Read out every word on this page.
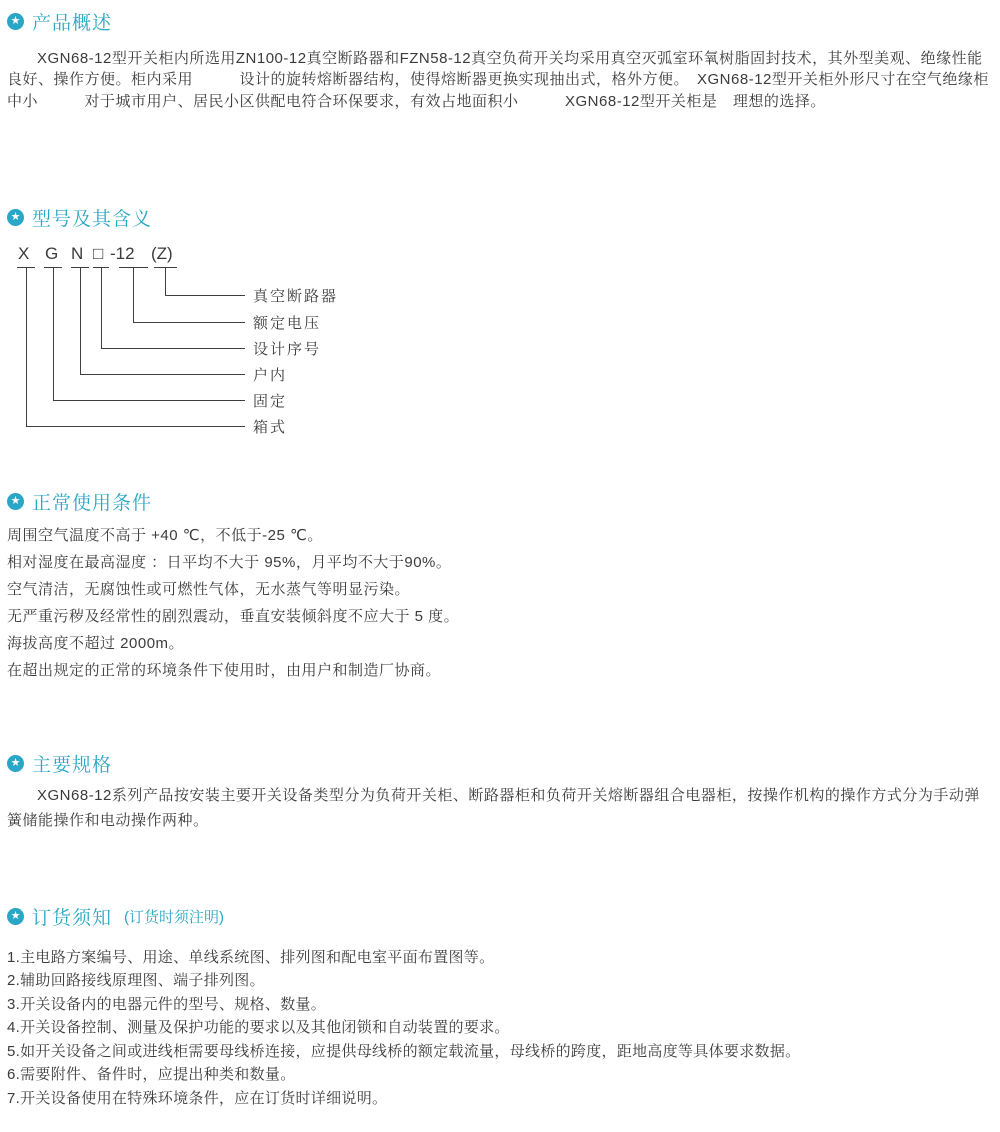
★ 产品概述
XGN68-12型开关柜内所选用ZN100-12真空断路器和FZN58-12真空负荷开关均采用真空灭弧室环氧树脂固封技术，其外型美观、绝缘性能良好、操作方便。柜内采用　　　设计的旋转熔断器结构，使得熔断器更换实现抽出式，格外方便。　XGN68-12型开关柜外形尺寸在空气绝缘柜中小　　　对于城市用户、居民小区供配电符合环保要求，有效占地面积小　　　XGN68-12型开关柜是　理想的选择。
★ 型号及其含义
X G N □ -12 (Z)
真空断路器
额定电压
设计序号
户内
固定
箱式
★ 正常使用条件
周围空气温度不高于 +40 ℃，不低于-25 ℃。
相对湿度在最高湿度 ：日平均不大于 95%，月平均不大于90%。
空气清洁，无腐蚀性或可燃性气体，无水蒸气等明显污染。
无严重污秽及经常性的剧烈震动，垂直安装倾斜度不应大于 5 度。
海拔高度不超过 2000m。
在超出规定的正常的环境条件下使用时，由用户和制造厂协商。
★ 主要规格
XGN68-12系列产品按安装主要开关设备类型分为负荷开关柜、断路器柜和负荷开关熔断器组合电器柜，按操作机构的操作方式分为手动弹簧储能操作和电动操作两种。
★ 订货须知 (订货时须注明)
1.主电路方案编号、用途、单线系统图、排列图和配电室平面布置图等。
2.辅助回路接线原理图、端子排列图。
3.开关设备内的电器元件的型号、规格、数量。
4.开关设备控制、测量及保护功能的要求以及其他闭锁和自动装置的要求。
5.如开关设备之间或进线柜需要母线桥连接，应提供母线桥的额定载流量，母线桥的跨度，距地高度等具体要求数据。
6.需要附件、备件时，应提出种类和数量。
7.开关设备使用在特殊环境条件，应在订货时详细说明。
